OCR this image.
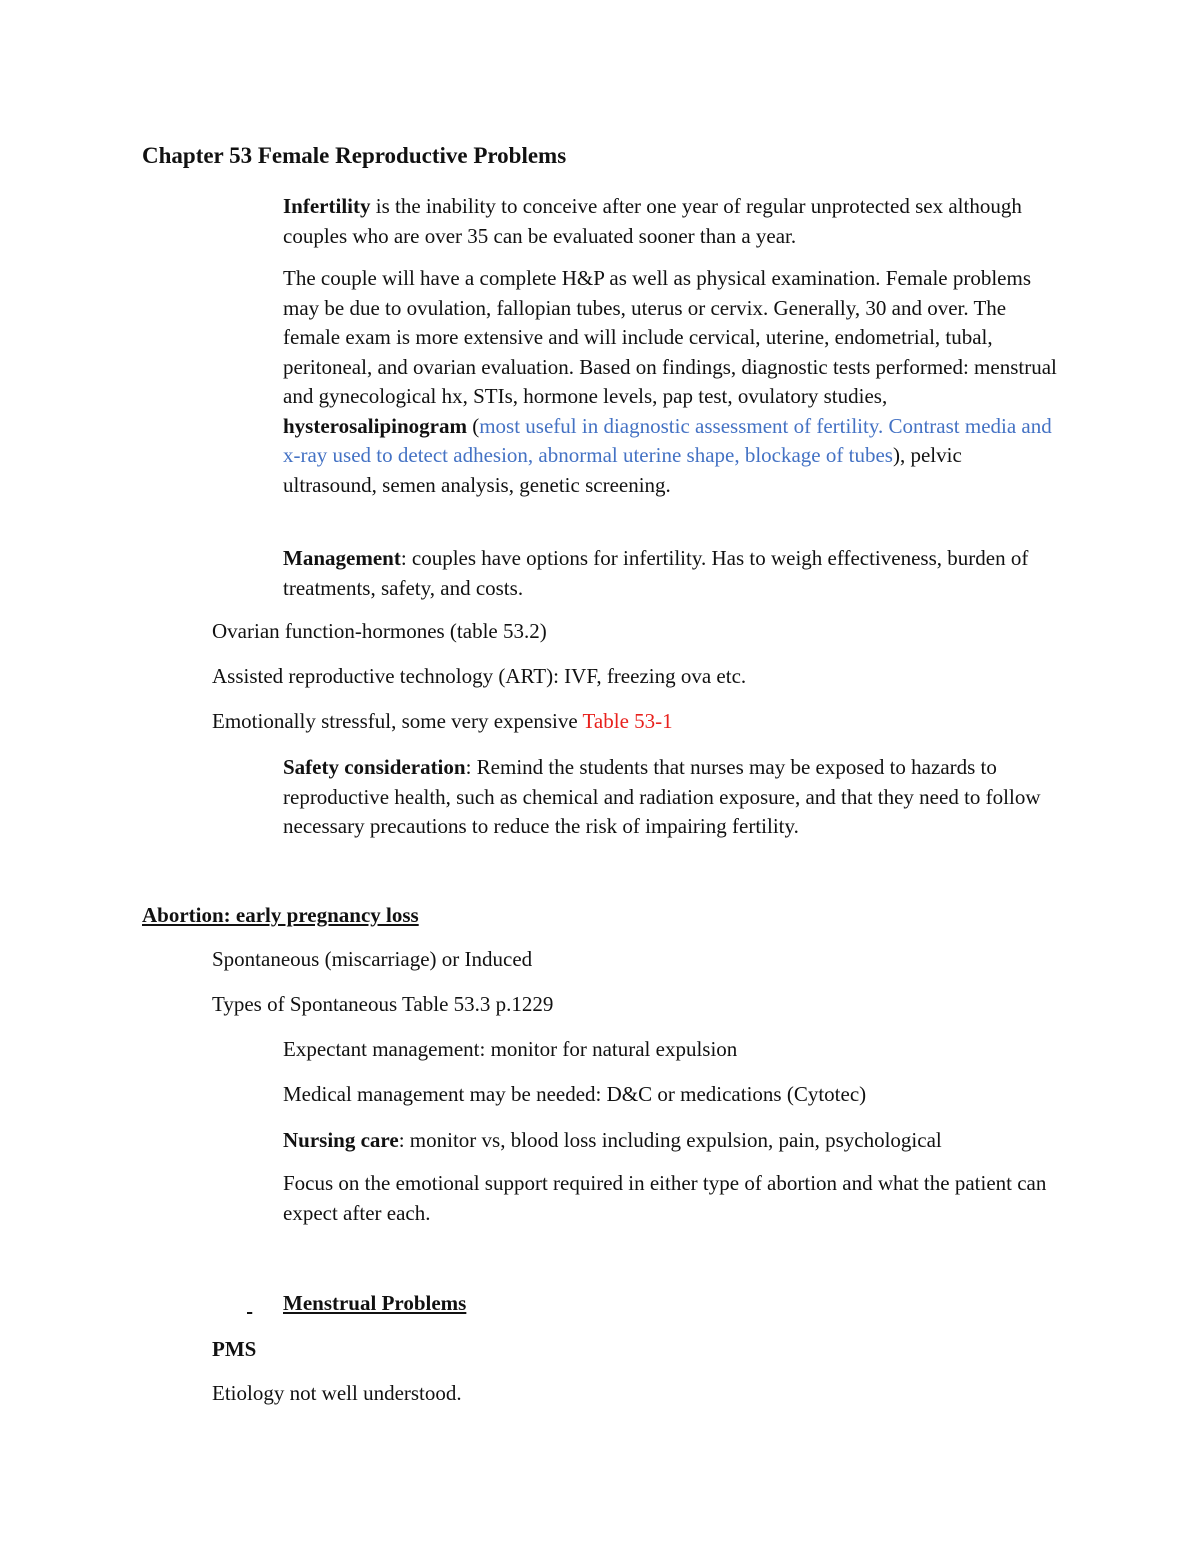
Chapter 53 Female Reproductive Problems

Infertility is the inability to conceive after one year of regular unprotected sex although couples who are over 35 can be evaluated sooner than a year.

The couple will have a complete H&P as well as physical examination. Female problems may be due to ovulation, fallopian tubes, uterus or cervix. Generally, 30 and over. The female exam is more extensive and will include cervical, uterine, endometrial, tubal, peritoneal, and ovarian evaluation. Based on findings, diagnostic tests performed: menstrual and gynecological hx, STIs, hormone levels, pap test, ovulatory studies, hysterosalipinogram (most useful in diagnostic assessment of fertility. Contrast media and x-ray used to detect adhesion, abnormal uterine shape, blockage of tubes), pelvic ultrasound, semen analysis, genetic screening.

Management: couples have options for infertility. Has to weigh effectiveness, burden of treatments, safety, and costs.

Ovarian function-hormones (table 53.2)

Assisted reproductive technology (ART): IVF, freezing ova etc.

Emotionally stressful, some very expensive Table 53-1

Safety consideration: Remind the students that nurses may be exposed to hazards to reproductive health, such as chemical and radiation exposure, and that they need to follow necessary precautions to reduce the risk of impairing fertility.

Abortion: early pregnancy loss

Spontaneous (miscarriage) or Induced

Types of Spontaneous Table 53.3 p.1229

Expectant management: monitor for natural expulsion

Medical management may be needed: D&C or medications (Cytotec)

Nursing care: monitor vs, blood loss including expulsion, pain, psychological

Focus on the emotional support required in either type of abortion and what the patient can expect after each.

Menstrual Problems

PMS

Etiology not well understood.
